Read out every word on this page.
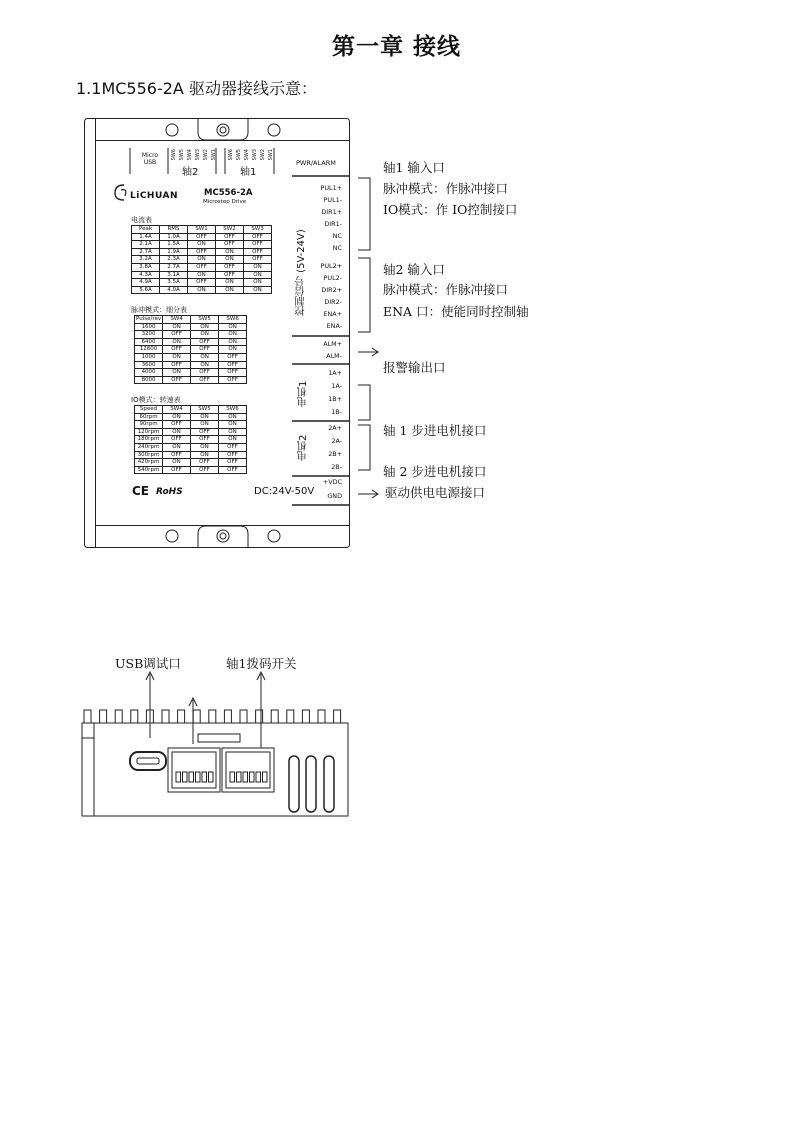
第一章 接线
1.1MC556-2A 驱动器接线示意：
Micro
USB
SW6 SW5 SW4 SW3 SW2 SW1
轴2
SW6 SW5 SW4 SW3 SW2 SW1
轴1
PWR/ALARM
LiCHUAN	MC556-2A
Microstep Drive
电流表
Peak	RMS	SW1	SW2	SW3
1.4A	1.0A	OFF	OFF	OFF
2.1A	1.5A	ON	OFF	OFF
2.7A	1.9A	OFF	ON	OFF
3.2A	2.3A	ON	ON	OFF
3.8A	2.7A	OFF	OFF	ON
4.3A	3.1A	ON	OFF	ON
4.9A	3.5A	OFF	ON	ON
5.6A	4.0A	ON	ON	ON
脉冲模式：细分表
Pulse/rev	SW4	SW5	SW6
1600	ON	ON	ON
3200	OFF	ON	ON
6400	ON	OFF	ON
12800	OFF	OFF	ON
1000	ON	ON	OFF
3600	OFF	ON	OFF
4000	ON	OFF	OFF
8000	OFF	OFF	OFF
IO模式：转速表
Speed	SW4	SW5	SW6
60rpm	ON	ON	ON
90rpm	OFF	ON	ON
120rpm	ON	OFF	ON
180rpm	OFF	OFF	ON
240rpm	ON	ON	OFF
300rpm	OFF	ON	OFF
420rpm	ON	OFF	OFF
540rpm	OFF	OFF	OFF
CE RoHS	DC:24V-50V
控制信号 (5V-24V)
电机1
电机2
PUL1+
PUL1-
DIR1+
DIR1-
NC
NC
PUL2+
PUL2-
DIR2+
DIR2-
ENA+
ENA-
ALM+
ALM-
1A+
1A-
1B+
1B-
2A+
2A-
2B+
2B-
+VDC
GND
轴1 输入口
脉冲模式：作脉冲接口
IO模式：作 IO控制接口
轴2 输入口
脉冲模式：作脉冲接口
ENA 口：使能同时控制轴
报警输出口
轴 1 步进电机接口
轴 2 步进电机接口
驱动供电电源接口
USB调试口	轴1拨码开关
